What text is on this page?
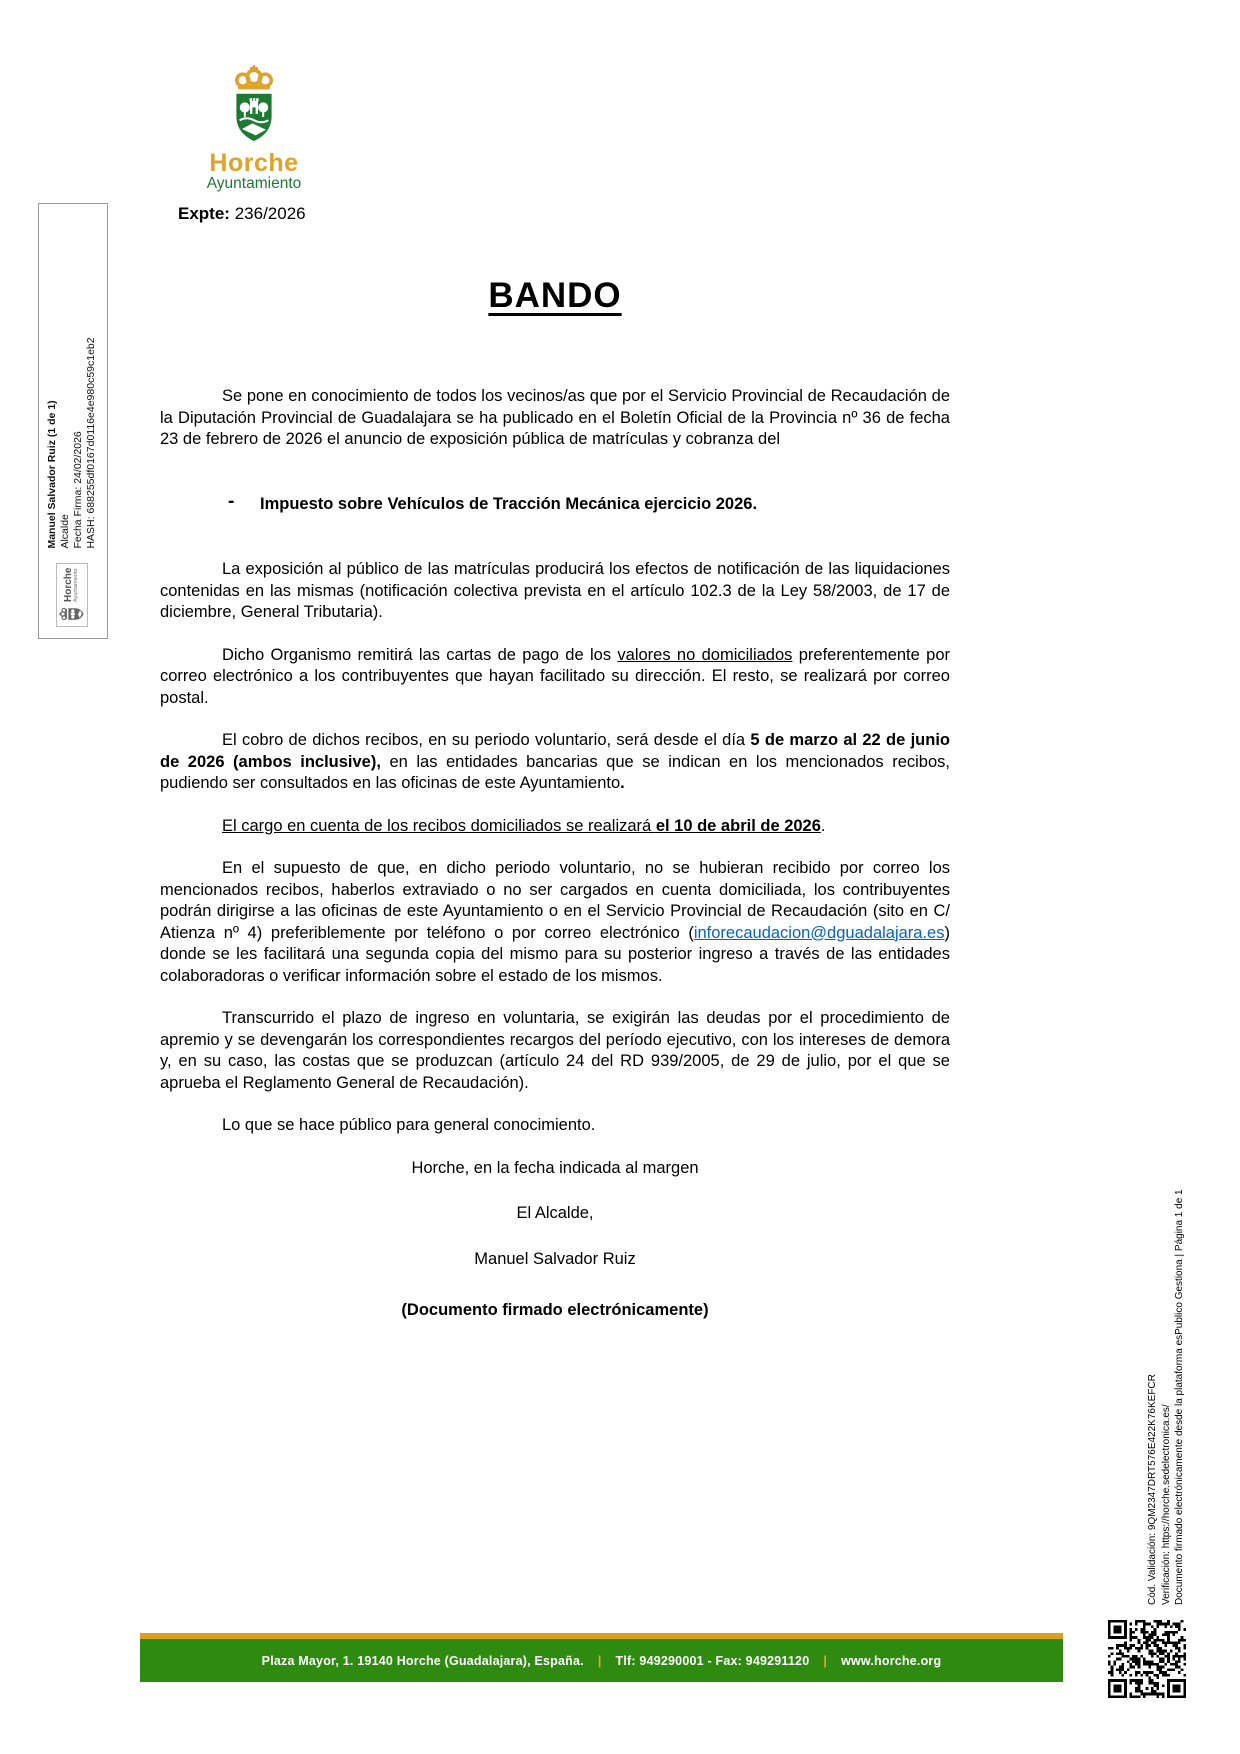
Horche
Ayuntamiento
Expte: 236/2026
BANDO

Se pone en conocimiento de todos los vecinos/as que por el Servicio Provincial de Recaudación de la Diputación Provincial de Guadalajara se ha publicado en el Boletín Oficial de la Provincia nº 36 de fecha 23 de febrero de 2026 el anuncio de exposición pública de matrículas y cobranza del

- Impuesto sobre Vehículos de Tracción Mecánica ejercicio 2026.

La exposición al público de las matrículas producirá los efectos de notificación de las liquidaciones contenidas en las mismas (notificación colectiva prevista en el artículo 102.3 de la Ley 58/2003, de 17 de diciembre, General Tributaria).

Dicho Organismo remitirá las cartas de pago de los valores no domiciliados preferentemente por correo electrónico a los contribuyentes que hayan facilitado su dirección. El resto, se realizará por correo postal.

El cobro de dichos recibos, en su periodo voluntario, será desde el día 5 de marzo al 22 de junio de 2026 (ambos inclusive), en las entidades bancarias que se indican en los mencionados recibos, pudiendo ser consultados en las oficinas de este Ayuntamiento.

El cargo en cuenta de los recibos domiciliados se realizará el 10 de abril de 2026.

En el supuesto de que, en dicho periodo voluntario, no se hubieran recibido por correo los mencionados recibos, haberlos extraviado o no ser cargados en cuenta domiciliada, los contribuyentes podrán dirigirse a las oficinas de este Ayuntamiento o en el Servicio Provincial de Recaudación (sito en C/ Atienza nº 4) preferiblemente por teléfono o por correo electrónico (inforecaudacion@dguadalajara.es) donde se les facilitará una segunda copia del mismo para su posterior ingreso a través de las entidades colaboradoras o verificar información sobre el estado de los mismos.

Transcurrido el plazo de ingreso en voluntaria, se exigirán las deudas por el procedimiento de apremio y se devengarán los correspondientes recargos del período ejecutivo, con los intereses de demora y, en su caso, las costas que se produzcan (artículo 24 del RD 939/2005, de 29 de julio, por el que se aprueba el Reglamento General de Recaudación).

Lo que se hace público para general conocimiento.

Horche, en la fecha indicada al margen

El Alcalde,

Manuel Salvador Ruiz

(Documento firmado electrónicamente)

Horche Ayuntamiento
Manuel Salvador Ruiz (1 de 1) Alcalde Fecha Firma: 24/02/2026 HASH: 688255df0167d0116e4e980c59c1eb2
Cód. Validación: 9QM2347DRT576E422K76KEFCR Verificación: https://horche.sedelectronica.es/ Documento firmado electrónicamente desde la plataforma esPublico Gestiona | Página 1 de 1
Plaza Mayor, 1. 19140 Horche (Guadalajara), España. | Tlf: 949290001 - Fax: 949291120 | www.horche.org
